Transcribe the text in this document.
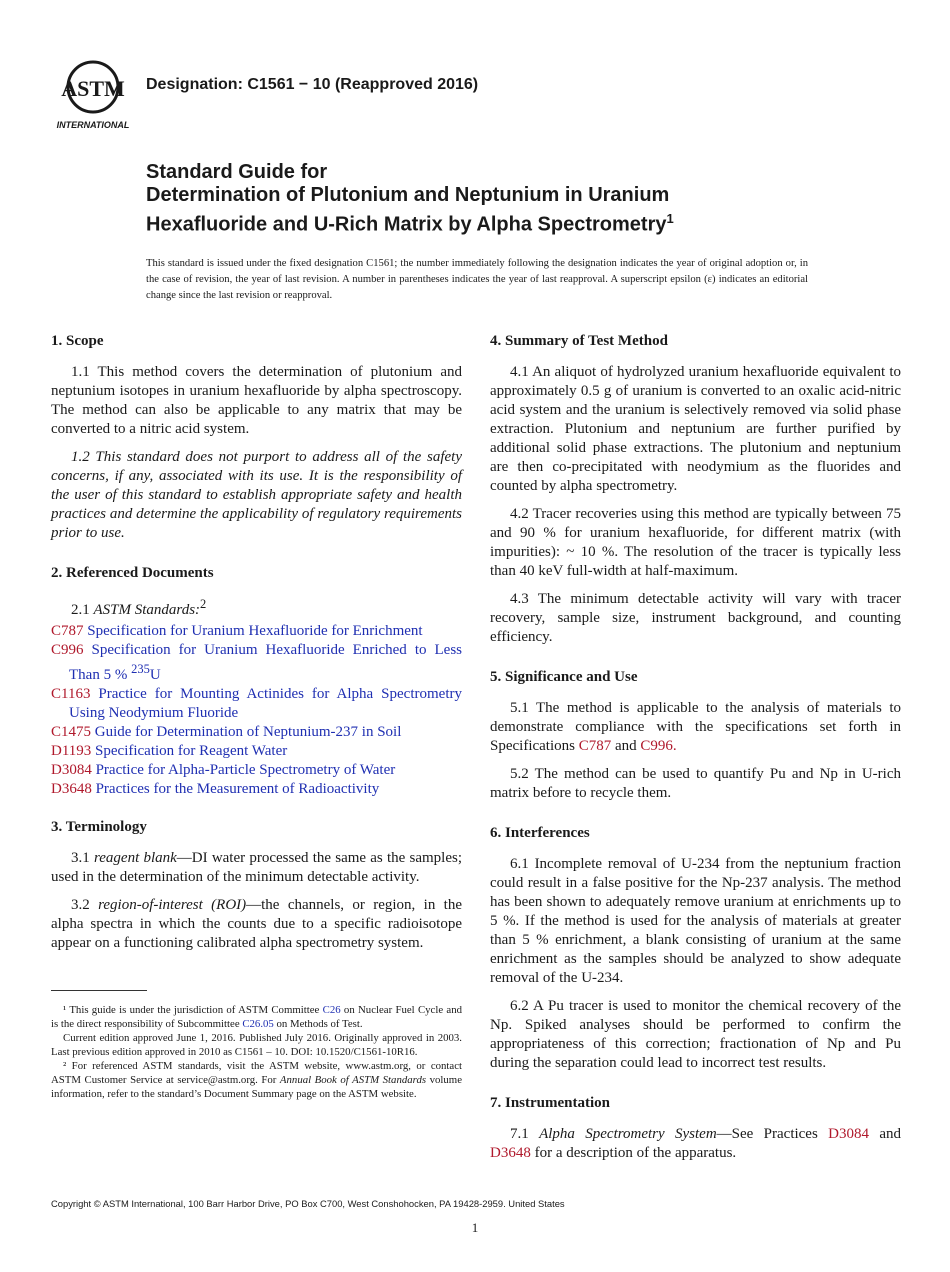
ASTM
INTERNATIONAL
Designation: C1561 − 10 (Reapproved 2016)
Standard Guide for
Determination of Plutonium and Neptunium in Uranium
Hexafluoride and U-Rich Matrix by Alpha Spectrometry$^1$
This standard is issued under the fixed designation C1561; the number immediately following the designation indicates the year of original adoption or, in the case of revision, the year of last revision. A number in parentheses indicates the year of last reapproval. A superscript epsilon (ε) indicates an editorial change since the last revision or reapproval.
1. Scope
1.1 This method covers the determination of plutonium and neptunium isotopes in uranium hexafluoride by alpha spectroscopy. The method can also be applicable to any matrix that may be converted to a nitric acid system.
1.2 This standard does not purport to address all of the safety concerns, if any, associated with its use. It is the responsibility of the user of this standard to establish appropriate safety and health practices and determine the applicability of regulatory requirements prior to use.
2. Referenced Documents
2.1 ASTM Standards:$^2$
C787 Specification for Uranium Hexafluoride for Enrichment
C996 Specification for Uranium Hexafluoride Enriched to Less Than 5 % $^{235}$U
C1163 Practice for Mounting Actinides for Alpha Spectrometry Using Neodymium Fluoride
C1475 Guide for Determination of Neptunium-237 in Soil
D1193 Specification for Reagent Water
D3084 Practice for Alpha-Particle Spectrometry of Water
D3648 Practices for the Measurement of Radioactivity
3. Terminology
3.1 reagent blank—DI water processed the same as the samples; used in the determination of the minimum detectable activity.
3.2 region-of-interest (ROI)—the channels, or region, in the alpha spectra in which the counts due to a specific radioisotope appear on a functioning calibrated alpha spectrometry system.
¹ This guide is under the jurisdiction of ASTM Committee C26 on Nuclear Fuel Cycle and is the direct responsibility of Subcommittee C26.05 on Methods of Test.
Current edition approved June 1, 2016. Published July 2016. Originally approved in 2003. Last previous edition approved in 2010 as C1561 – 10. DOI: 10.1520/C1561-10R16.
² For referenced ASTM standards, visit the ASTM website, www.astm.org, or contact ASTM Customer Service at service@astm.org. For Annual Book of ASTM Standards volume information, refer to the standard’s Document Summary page on the ASTM website.
4. Summary of Test Method
4.1 An aliquot of hydrolyzed uranium hexafluoride equivalent to approximately 0.5 g of uranium is converted to an oxalic acid-nitric acid system and the uranium is selectively removed via solid phase extraction. Plutonium and neptunium are further purified by additional solid phase extractions. The plutonium and neptunium are then co-precipitated with neodymium as the fluorides and counted by alpha spectrometry.
4.2 Tracer recoveries using this method are typically between 75 and 90 % for uranium hexafluoride, for different matrix (with impurities): ~ 10 %. The resolution of the tracer is typically less than 40 keV full-width at half-maximum.
4.3 The minimum detectable activity will vary with tracer recovery, sample size, instrument background, and counting efficiency.
5. Significance and Use
5.1 The method is applicable to the analysis of materials to demonstrate compliance with the specifications set forth in Specifications C787 and C996.
5.2 The method can be used to quantify Pu and Np in U-rich matrix before to recycle them.
6. Interferences
6.1 Incomplete removal of U-234 from the neptunium fraction could result in a false positive for the Np-237 analysis. The method has been shown to adequately remove uranium at enrichments up to 5 %. If the method is used for the analysis of materials at greater than 5 % enrichment, a blank consisting of uranium at the same enrichment as the samples should be analyzed to show adequate removal of the U-234.
6.2 A Pu tracer is used to monitor the chemical recovery of the Np. Spiked analyses should be performed to confirm the appropriateness of this correction; fractionation of Np and Pu during the separation could lead to incorrect test results.
7. Instrumentation
7.1 Alpha Spectrometry System—See Practices D3084 and D3648 for a description of the apparatus.
Copyright © ASTM International, 100 Barr Harbor Drive, PO Box C700, West Conshohocken, PA 19428-2959. United States
1
